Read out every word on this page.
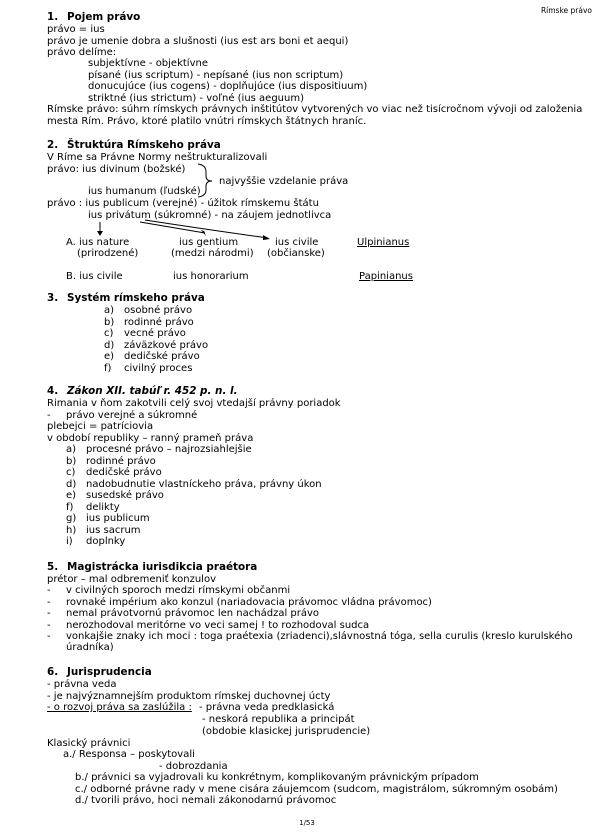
Rímske právo
1. Pojem právo
právo = ius
právo je umenie dobra a slušnosti (ius est ars boni et aequi)
právo delíme:
subjektívne - objektívne
písané (ius scriptum) - nepísané (ius non scriptum)
donucujúce (ius cogens) - doplňujúce (ius dispositiuum)
striktné (ius strictum) - voľné (ius aeguum)
Rímske právo: súhrn rímskych právnych inštitútov vytvorených vo viac než tisícročnom vývoji od založenia
mesta Rím. Právo, ktoré platilo vnútri rímskych štátnych hraníc.
2. Štruktúra Rímskeho práva
V Ríme sa Právne Normy neštrukturalizovali
právo: ius divinum (božské)
ius humanum (ľudské)
najvyššie vzdelanie práva
právo : ius publicum (verejné) - úžitok rímskemu štátu
ius privátum (súkromné) - na záujem jednotlivca
A. ius nature
(prirodzené)
ius gentium
(medzi národmi)
ius civile
(občianske)
Ulpinianus
B. ius civile	ius honorarium	Papinianus
3. Systém rímskeho práva
a) osobné právo
b) rodinné právo
c) vecné právo
d) záväzkové právo
e) dedičské právo
f) civilný proces
4. Zákon XII. tabúľ r. 452 p. n. l.
Rimania v ňom zakotvili celý svoj vtedajší právny poriadok
- právo verejné a súkromné
plebejci = patríciovia
v období republiky – ranný prameň práva
a) procesné právo – najrozsiahlejšie
b) rodinné právo
c) dedičské právo
d) nadobudnutie vlastníckeho práva, právny úkon
e) susedské právo
f) delikty
g) ius publicum
h) ius sacrum
i) doplnky
5. Magistrácka iurisdikcia praétora
prétor – mal odbremeniť konzulov
- v civilných sporoch medzi rímskymi občanmi
- rovnaké impérium ako konzul (nariadovacia právomoc vládna právomoc)
- nemal právotvornú právomoc len nachádzal právo
- nerozhodoval meritórne vo veci samej ! to rozhodoval sudca
- vonkajšie znaky ich moci : toga praétexia (zriadenci),slávnostná tóga, sella curulis (kreslo kurulského
úradníka)
6. Jurisprudencia
- právna veda
- je najvýznamnejším produktom rímskej duchovnej úcty
- o rozvoj práva sa zaslúžila : - právna veda predklasická
- neskorá republika a principát
(obdobie klasickej jurisprudencie)
Klasický právnici
a./ Responsa – poskytovali
- dobrozdania
b./ právnici sa vyjadrovali ku konkrétnym, komplikovaným právnickým prípadom
c./ odborné právne rady v mene cisára záujemcom (sudcom, magistrálom, súkromným osobám)
d./ tvorili právo, hoci nemali zákonodarnú právomoc
1/53
